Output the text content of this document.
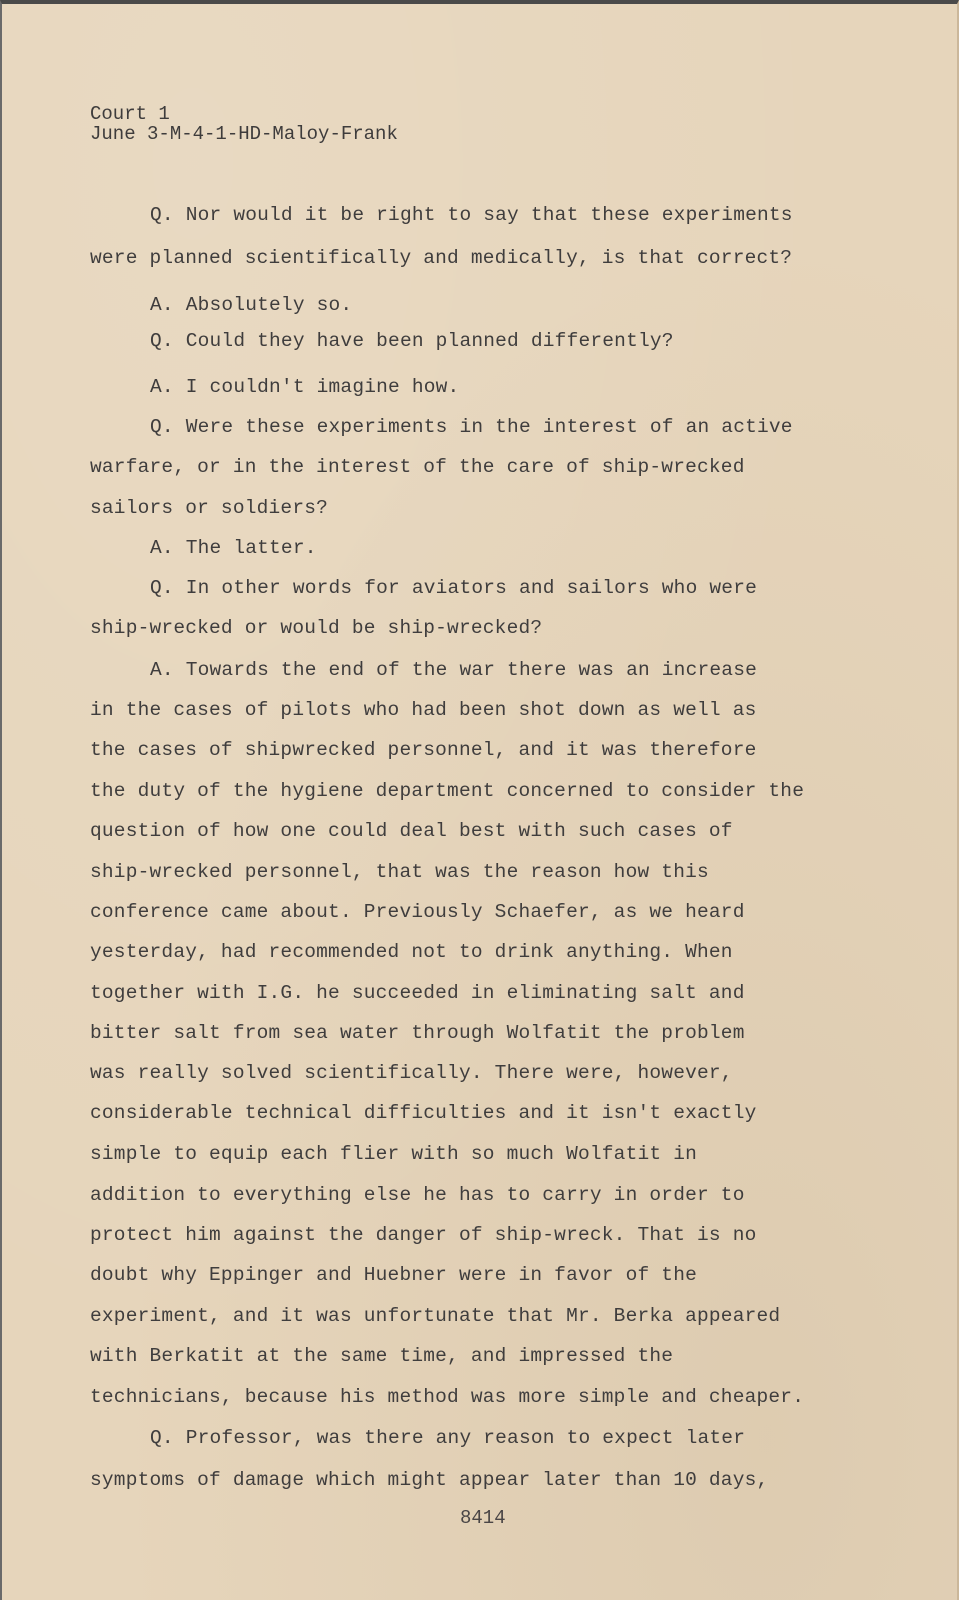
Court 1
June 3-M-4-1-HD-Maloy-Frank
Q. Nor would it be right to say that these experiments
were planned scientifically and medically, is that correct?
A. Absolutely so.
Q. Could they have been planned differently?
A. I couldn't imagine how.
Q. Were these experiments in the interest of an active
warfare, or in the interest of the care of ship-wrecked
sailors or soldiers?
A. The latter.
Q. In other words for aviators and sailors who were
ship-wrecked or would be ship-wrecked?
A. Towards the end of the war there was an increase
in the cases of pilots who had been shot down as well as
the cases of shipwrecked personnel, and it was therefore
the duty of the hygiene department concerned to consider the
question of how one could deal best with such cases of
ship-wrecked personnel, that was the reason how this
conference came about. Previously Schaefer, as we heard
yesterday, had recommended not to drink anything. When
together with I.G. he succeeded in eliminating salt and
bitter salt from sea water through Wolfatit the problem
was really solved scientifically. There were, however,
considerable technical difficulties and it isn't exactly
simple to equip each flier with so much Wolfatit in
addition to everything else he has to carry in order to
protect him against the danger of ship-wreck. That is no
doubt why Eppinger and Huebner were in favor of the
experiment, and it was unfortunate that Mr. Berka appeared
with Berkatit at the same time, and impressed the
technicians, because his method was more simple and cheaper.
Q. Professor, was there any reason to expect later
symptoms of damage which might appear later than 10 days,
8414
